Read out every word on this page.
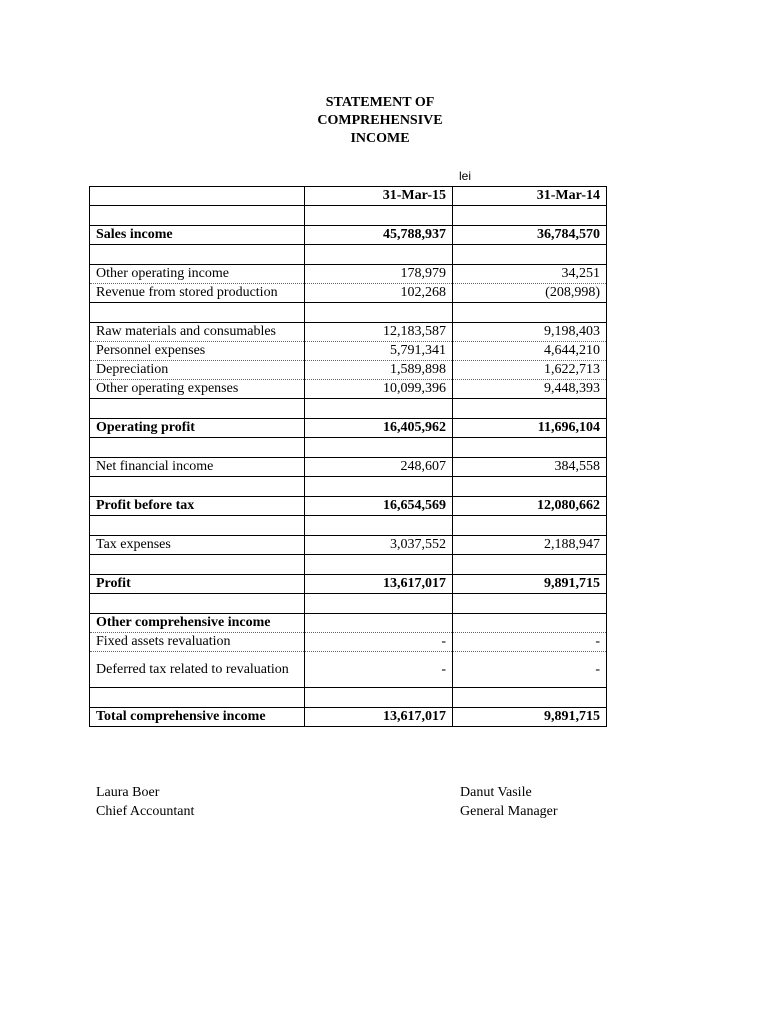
STATEMENT OF
COMPREHENSIVE
INCOME
lei
	31-Mar-15	31-Mar-14

Sales income	45,788,937	36,784,570

Other operating income	178,979	34,251
Revenue from stored production	102,268	(208,998)

Raw materials and consumables	12,183,587	9,198,403
Personnel expenses	5,791,341	4,644,210
Depreciation	1,589,898	1,622,713
Other operating expenses	10,099,396	9,448,393

Operating profit	16,405,962	11,696,104

Net financial income	248,607	384,558

Profit before tax	16,654,569	12,080,662

Tax expenses	3,037,552	2,188,947

Profit	13,617,017	9,891,715

Other comprehensive income		
Fixed assets revaluation	-	-
Deferred tax related to revaluation	-	-

Total comprehensive income	13,617,017	9,891,715
Laura Boer
Chief Accountant
Danut Vasile
General Manager
